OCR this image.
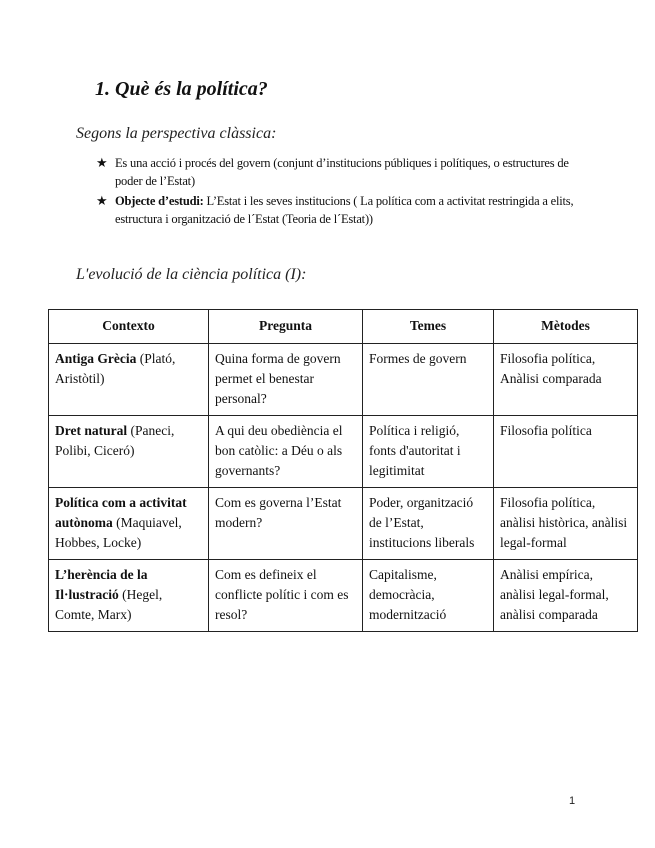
1. Què és la política?
Segons la perspectiva clàssica:
★ Es una acció i procés del govern (conjunt d’institucions públiques i polítiques, o estructures de poder de l’Estat)
★ Objecte d’estudi: L’Estat i les seves institucions ( La política com a activitat restringida a elits, estructura i organització de l´Estat (Teoria de l´Estat))
L'evolució de la ciència política (I):
Contexto	Pregunta	Temes	Mètodes
Antiga Grècia (Plató, Aristòtil)	Quina forma de govern permet el benestar personal?	Formes de govern	Filosofia política, Anàlisi comparada
Dret natural (Paneci, Polibi, Ciceró)	A qui deu obediència el bon catòlic: a Déu o als governants?	Política i religió, fonts d'autoritat i legitimitat	Filosofia política
Política com a activitat autònoma (Maquiavel, Hobbes, Locke)	Com es governa l’Estat modern?	Poder, organització de l’Estat, institucions liberals	Filosofia política, anàlisi històrica, anàlisi legal-formal
L’herència de la Il·lustració (Hegel, Comte, Marx)	Com es defineix el conflicte polític i com es resol?	Capitalisme, democràcia, modernització	Anàlisi empírica, anàlisi legal-formal, anàlisi comparada
1
